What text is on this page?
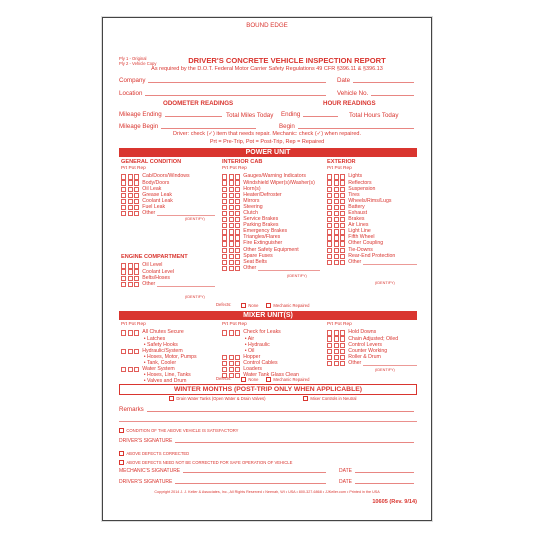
BOUND EDGE
Ply 1 - Original
Ply 2 - Vehicle Copy	DRIVER'S CONCRETE VEHICLE INSPECTION REPORT
As required by the D.O.T. Federal Motor Carrier Safety Regulations 49 CFR §396.11 & §396.13
Company	Date
Location	Vehicle No.
ODOMETER READINGS	HOUR READINGS
Mileage Ending	Total Miles Today Ending	Total Hours Today
Mileage Begin	Begin
Driver: check (✓) item that needs repair. Mechanic: check (✓) when repaired.
Prt = Pre-Trip, Pot = Post-Trip, Rep = Repaired
POWER UNIT
GENERAL CONDITION
Prt Pot Rep
Cab/Doors/Windows
Body/Doors
Oil Leak
Grease Leak
Coolant Leak
Fuel Leak
Other
(IDENTIFY)
ENGINE COMPARTMENT
Oil Level
Coolant Level
Belts/Hoses
Other
(IDENTIFY)
INTERIOR CAB
Prt Pot Rep
Gauges/Warning Indicators
Windshield Wiper(s)/Washer(s)
Horn(s)
Heater/Defroster
Mirrors
Steering
Clutch
Service Brakes
Parking Brakes
Emergency Brakes
Triangles/Flares
Fire Extinguisher
Other Safety Equipment
Spare Fuses
Seat Belts
Other
(IDENTIFY)
EXTERIOR
Prt Pot Rep
Lights
Reflectors
Suspension
Tires
Wheels/Rims/Lugs
Battery
Exhaust
Brakes
Air Lines
Light Line
Fifth Wheel
Other Coupling
Tie-Downs
Rear-End Protection
Other
(IDENTIFY)
Defects:	None	Mechanic Repaired
MIXER UNIT(S)
Prt Pot Rep
All Chutes Secure
• Latches
• Safety Hooks
Hydraulic/System
• Hoses, Motor, Pumps
• Tank, Cooler
Water System
• Hoses, Line, Tanks
• Valves and Drum
Prt Pot Rep
Check for Leaks
• Air
• Hydraulic
• Oil
Hopper
Control Cables
Loaders
Water Tank Glass Clean
Prt Pot Rep
Hold Downs
Chain Adjusted; Oiled
Control Levers
Counter Working
Roller & Drum
Other
(IDENTIFY)
Defects:	None	Mechanic Repaired
WINTER MONTHS (POST-TRIP ONLY WHEN APPLICABLE)
Drain Water Tanks (Open Water & Drain Valves)	Mixer Controls in Neutral
Remarks
CONDITION OF THE ABOVE VEHICLE IS SATISFACTORY
DRIVER'S SIGNATURE
ABOVE DEFECTS CORRECTED
ABOVE DEFECTS NEED NOT BE CORRECTED FOR SAFE OPERATION OF VEHICLE
MECHANIC'S SIGNATURE	DATE
DRIVER'S SIGNATURE	DATE
Copyright 2014 J. J. Keller & Associates, Inc., All Rights Reserved • Neenah, WI • USA • 800-327-6868 • JJKeller.com • Printed in the USA
10605 (Rev. 9/14)
